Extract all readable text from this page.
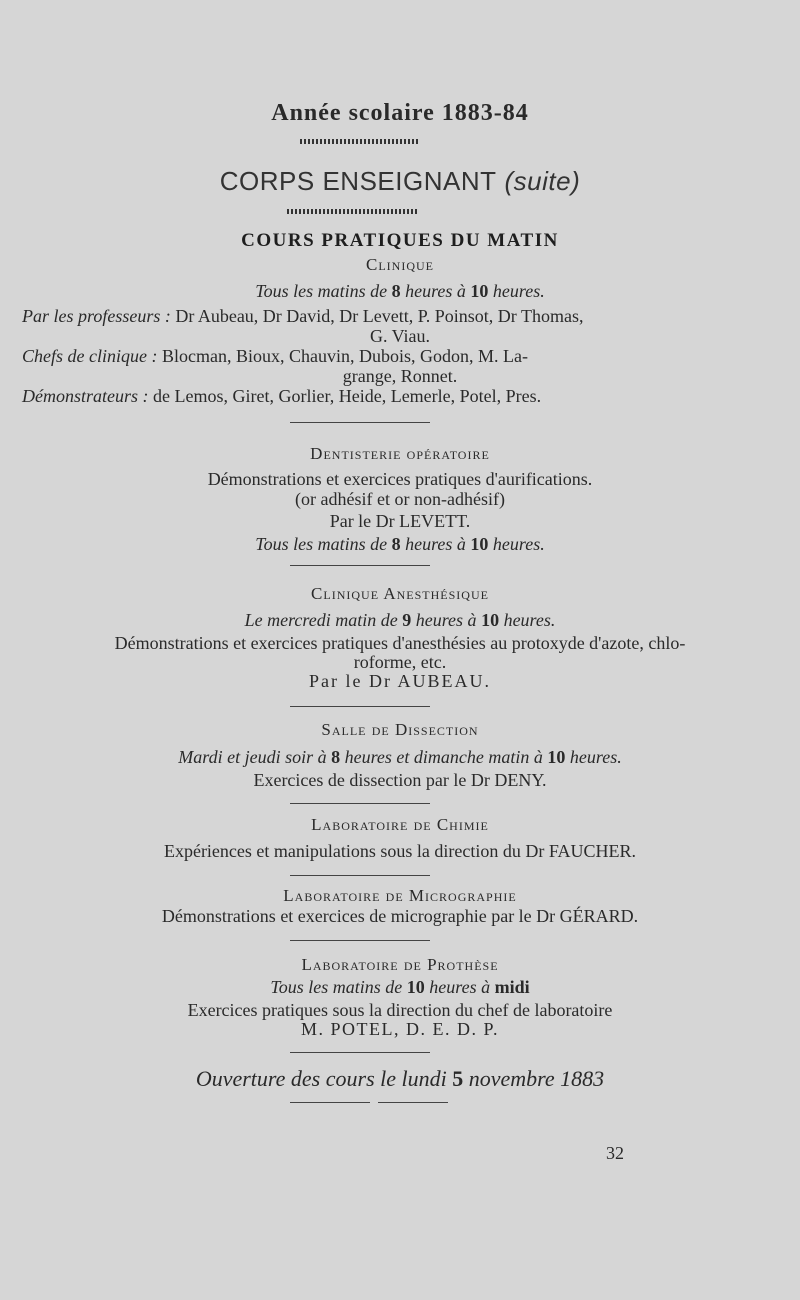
Année scolaire 1883-84
CORPS ENSEIGNANT (suite)
COURS PRATIQUES DU MATIN
Clinique
Tous les matins de 8 heures à 10 heures.
Par les professeurs : Dr Aubeau, Dr David, Dr Levett, P. Poinsot, Dr Thomas,
G. Viau.
Chefs de clinique : Blocman, Bioux, Chauvin, Dubois, Godon, M. La-
grange, Ronnet.
Démonstrateurs : de Lemos, Giret, Gorlier, Heide, Lemerle, Potel, Pres.
Dentisterie opératoire
Démonstrations et exercices pratiques d'aurifications.
(or adhésif et or non-adhésif)
Par le Dr LEVETT.
Tous les matins de 8 heures à 10 heures.
Clinique Anesthésique
Le mercredi matin de 9 heures à 10 heures.
Démonstrations et exercices pratiques d'anesthésies au protoxyde d'azote, chlo-
roforme, etc.
Par le Dr AUBEAU.
Salle de Dissection
Mardi et jeudi soir à 8 heures et dimanche matin à 10 heures.
Exercices de dissection par le Dr DENY.
Laboratoire de Chimie
Expériences et manipulations sous la direction du Dr FAUCHER.
Laboratoire de Micrographie
Démonstrations et exercices de micrographie par le Dr GÉRARD.
Laboratoire de Prothèse
Tous les matins de 10 heures à midi
Exercices pratiques sous la direction du chef de laboratoire
M. POTEL, D. E. D. P.
Ouverture des cours le lundi 5 novembre 1883
32
